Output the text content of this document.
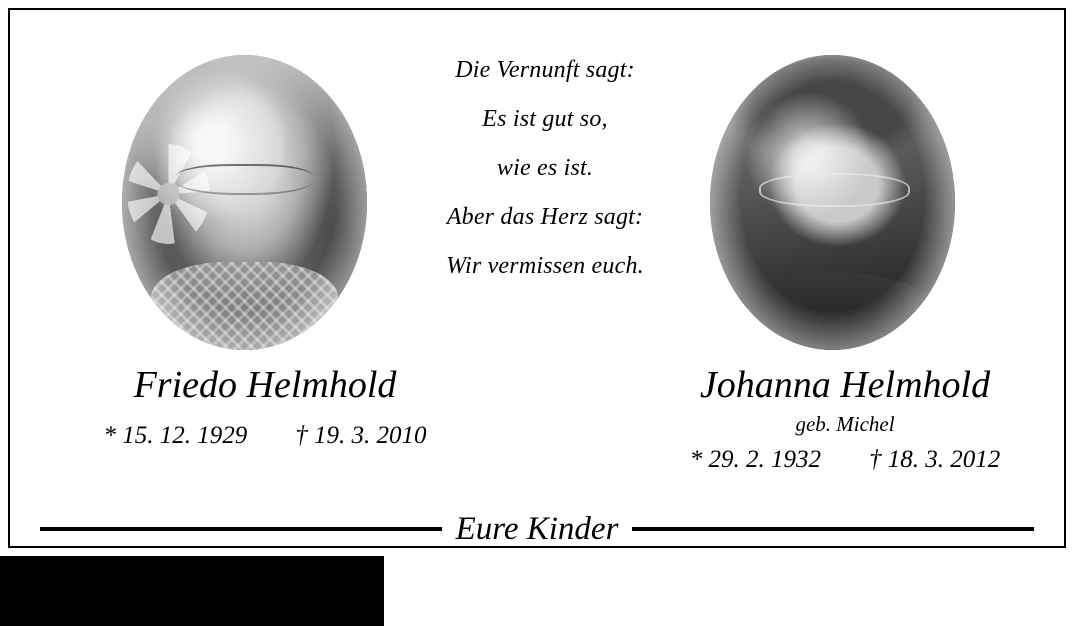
Die Vernunft sagt:
Es ist gut so,
wie es ist.
Aber das Herz sagt:
Wir vermissen euch.
Friedo Helmhold
* 15. 12. 1929 † 19. 3. 2010
Johanna Helmhold
geb. Michel
* 29. 2. 1932 † 18. 3. 2012
Eure Kinder
